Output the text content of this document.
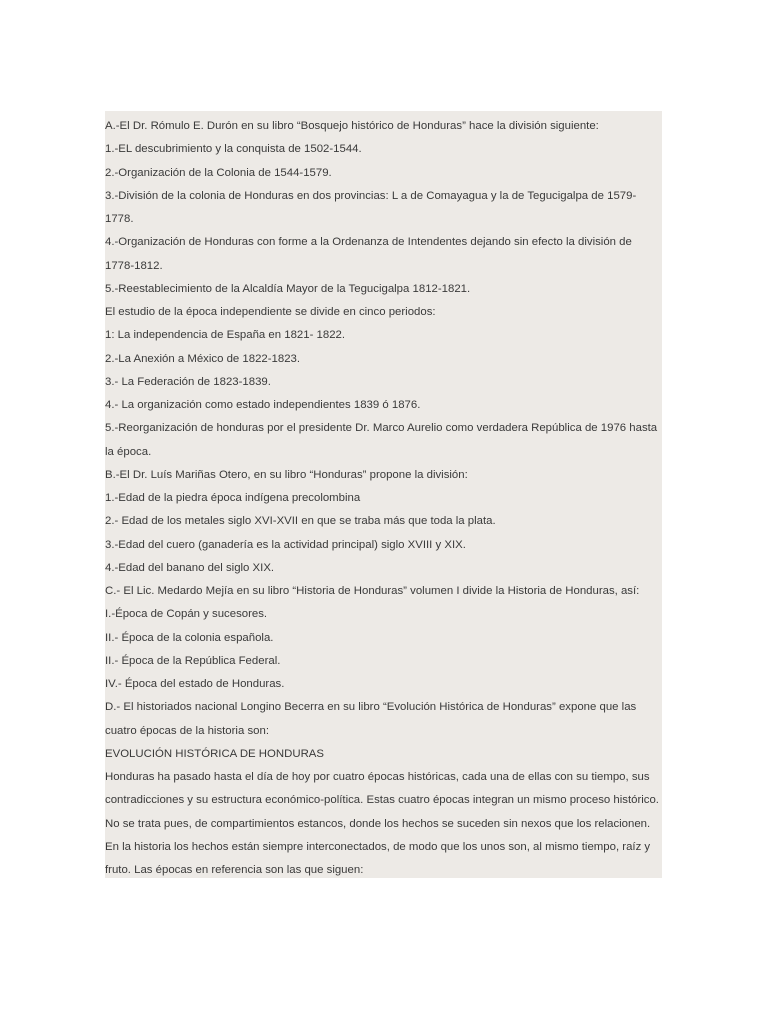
A.-El Dr. Rómulo E. Durón en su libro “Bosquejo histórico de Honduras” hace la división siguiente:
1.-EL descubrimiento y la conquista de 1502-1544.
2.-Organización de la Colonia de 1544-1579.
3.-División de la colonia de Honduras en dos provincias: L a de Comayagua y la de Tegucigalpa de 1579-
1778.
4.-Organización de Honduras con forme a la Ordenanza de Intendentes dejando sin efecto la división de
1778-1812.
5.-Reestablecimiento de la Alcaldía Mayor de la Tegucigalpa 1812-1821.
El estudio de la época independiente se divide en cinco periodos:
1: La independencia de España en 1821- 1822.
2.-La Anexión a México de 1822-1823.
3.- La Federación de 1823-1839.
4.- La organización como estado independientes 1839 ó 1876.
5.-Reorganización de honduras por el presidente Dr. Marco Aurelio como verdadera República de 1976 hasta
la época.
B.-El Dr. Luís Mariñas Otero, en su libro “Honduras” propone la división:
1.-Edad de la piedra época indígena precolombina
2.- Edad de los metales siglo XVI-XVII en que se traba más que toda la plata.
3.-Edad del cuero (ganadería es la actividad principal) siglo XVIII y XIX.
4.-Edad del banano del siglo XIX.
C.- El Lic. Medardo Mejía en su libro “Historia de Honduras” volumen I divide la Historia de Honduras, así:
I.-Época de Copán y sucesores.
II.- Época de la colonia española.
II.- Época de la República Federal.
IV.- Época del estado de Honduras.
D.- El historiados nacional Longino Becerra en su libro “Evolución Histórica de Honduras” expone que las
cuatro épocas de la historia son:
EVOLUCIÓN HISTÓRICA DE HONDURAS
Honduras ha pasado hasta el día de hoy por cuatro épocas históricas, cada una de ellas con su tiempo, sus
contradicciones y su estructura económico-política. Estas cuatro épocas integran un mismo proceso histórico.
No se trata pues, de compartimientos estancos, donde los hechos se suceden sin nexos que los relacionen.
En la historia los hechos están siempre interconectados, de modo que los unos son, al mismo tiempo, raíz y
fruto. Las épocas en referencia son las que siguen:
